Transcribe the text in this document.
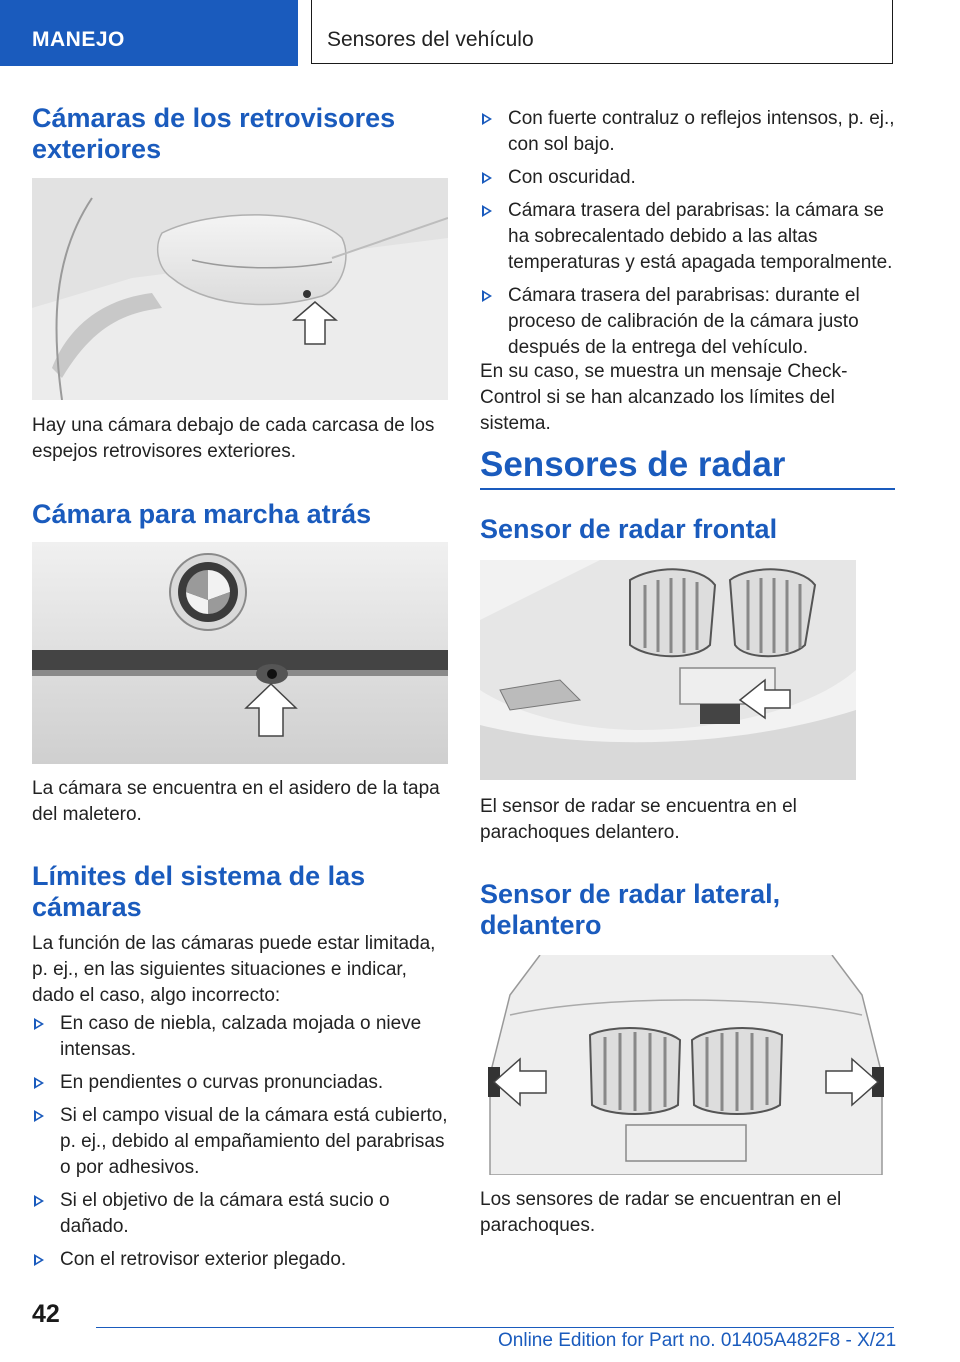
MANEJO	Sensores del vehículo
Cámaras de los retrovisores exteriores

Hay una cámara debajo de cada carcasa de los espejos retrovisores exteriores.

Cámara para marcha atrás

La cámara se encuentra en el asidero de la tapa del maletero.

Límites del sistema de las cámaras

La función de las cámaras puede estar limitada, p. ej., en las siguientes situaciones e indicar, dado el caso, algo incorrecto:

En caso de niebla, calzada mojada o nieve intensas.
En pendientes o curvas pronunciadas.
Si el campo visual de la cámara está cubierto, p. ej., debido al empañamiento del parabrisas o por adhesivos.
Si el objetivo de la cámara está sucio o dañado.
Con el retrovisor exterior plegado.
Con fuerte contraluz o reflejos intensos, p. ej., con sol bajo.
Con oscuridad.
Cámara trasera del parabrisas: la cámara se ha sobrecalentado debido a las altas temperaturas y está apagada temporalmente.
Cámara trasera del parabrisas: durante el proceso de calibración de la cámara justo después de la entrega del vehículo.

En su caso, se muestra un mensaje Check-Control si se han alcanzado los límites del sistema.

Sensores de radar
Sensor de radar frontal

El sensor de radar se encuentra en el parachoques delantero.

Sensor de radar lateral, delantero

Los sensores de radar se encuentran en el parachoques.

42
Online Edition for Part no. 01405A482F8 - X/21
